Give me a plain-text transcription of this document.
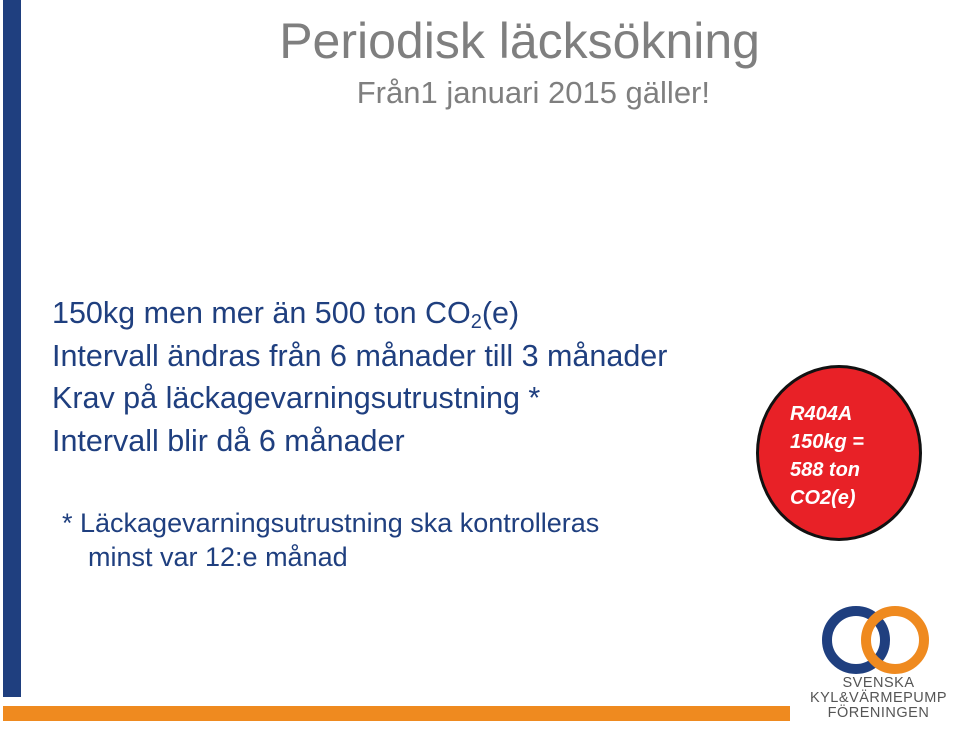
Periodisk läcksökning
Från1 januari 2015 gäller!
150kg men mer än 500 ton $CO_2(e)$
Intervall ändras från 6 månader till 3 månader
Krav på läckagevarningsutrustning *
Intervall blir då 6 månader
* Läckagevarningsutrustning ska kontrolleras
minst var 12:e månad
R404A
150kg =
588 ton
CO2(e)
SVENSKA
KYL&VÄRMEPUMP
FÖRENINGEN
